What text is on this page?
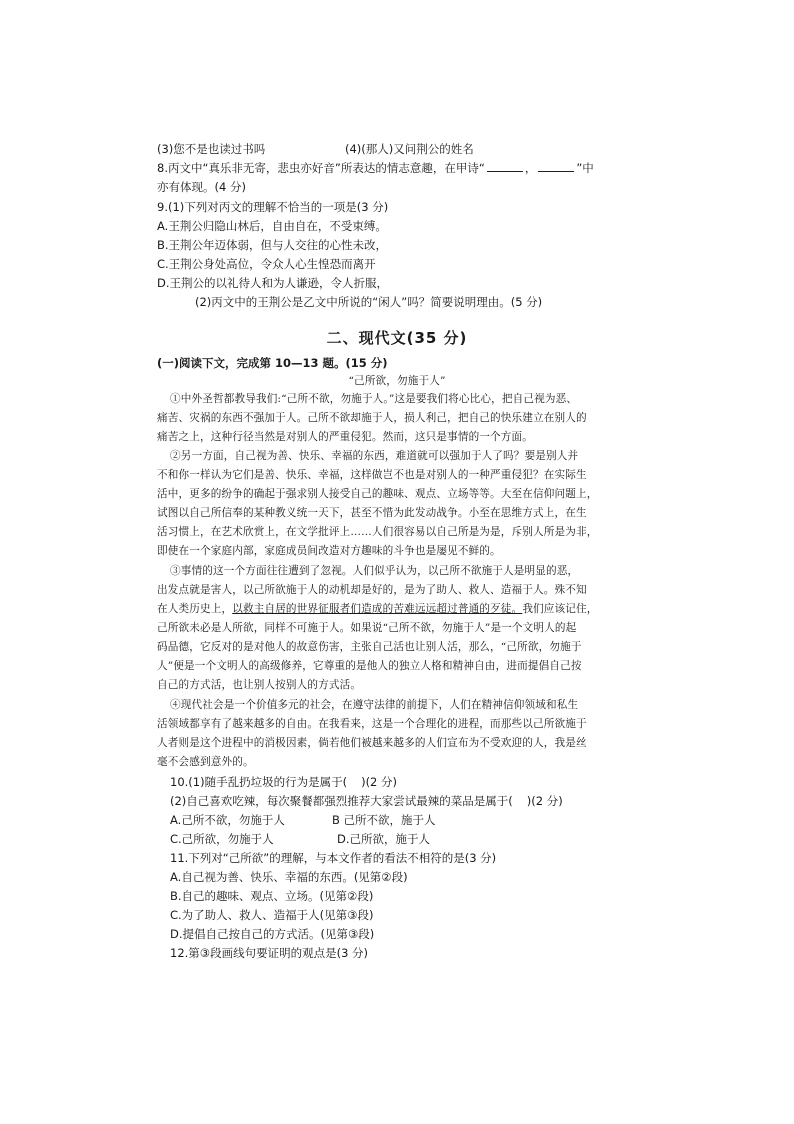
(3)您不是也读过书吗	(4)(那人)又问荆公的姓名
8.丙文中“真乐非无寄，悲虫亦好音”所表达的情志意趣，在甲诗“	，	”中
亦有体现。(4 分)
9.(1)下列对丙文的理解不恰当的一项是(3 分)
A.王荆公归隐山林后，自由自在，不受束缚。
B.王荆公年迈体弱，但与人交往的心性未改，
C.王荆公身处高位，令众人心生惶恐而离开
D.王荆公的以礼待人和为人谦逊，令人折服，
(2)丙文中的王荆公是乙文中所说的“闲人”吗？简要说明理由。(5 分)
二、现代文(35 分)
(一)阅读下文，完成第 10—13 题。(15 分)
“己所欲，勿施于人”
①中外圣哲都教导我们:“己所不欲，勿施于人。”这是要我们将心比心，把自己视为恶、
痛苦、灾祸的东西不强加于人。己所不欲却施于人，损人利己，把自己的快乐建立在别人的
痛苦之上，这种行径当然是对别人的严重侵犯。然而，这只是事情的一个方面。
②另一方面，自己视为善、快乐、幸福的东西，难道就可以强加于人了吗？要是别人并
不和你一样认为它们是善、快乐、幸福，这样做岂不也是对别人的一种严重侵犯？在实际生
活中，更多的纷争的确起于强求别人接受自己的趣味、观点、立场等等。大至在信仰问题上，
试图以自己所信奉的某种教义统一天下，甚至不惜为此发动战争。小至在思维方式上，在生
活习惯上，在艺术欣赏上，在文学批评上……人们很容易以自己所是为是，斥别人所是为非，
即使在一个家庭内部，家庭成员间改造对方趣味的斗争也是屡见不鲜的。
③事情的这一个方面往往遭到了忽视。人们似乎认为，以己所不欲施于人是明显的恶，
出发点就是害人，以己所欲施于人的动机却是好的，是为了助人、救人、造福于人。殊不知
在人类历史上，以救主自居的世界征服者们造成的苦难远远超过普通的歹徒。我们应该记住，
己所欲未必是人所欲，同样不可施于人。如果说“己所不欲，勿施于人”是一个文明人的起
码品德，它反对的是对他人的故意伤害，主张自己活也让别人活，那么，“己所欲，勿施于
人”便是一个文明人的高级修养，它尊重的是他人的独立人格和精神自由，进而提倡自己按
自己的方式活，也让别人按别人的方式活。
④现代社会是一个价值多元的社会，在遵守法律的前提下，人们在精神信仰领域和私生
活领域都享有了越来越多的自由。在我看来，这是一个合理化的进程，而那些以己所欲施于
人者则是这个进程中的消极因素，倘若他们被越来越多的人们宣布为不受欢迎的人，我是丝
毫不会感到意外的。
10.(1)随手乱扔垃圾的行为是属于( )(2 分)
(2)自己喜欢吃辣，每次聚餐都强烈推荐大家尝试最辣的菜品是属于( )(2 分)
A.己所不欲，勿施于人	B 己所不欲，施于人
C.己所欲，勿施于人	D.己所欲，施于人
11.下列对“己所欲”的理解，与本文作者的看法不相符的是(3 分)
A.自己视为善、快乐、幸福的东西。(见第②段)
B.自己的趣味、观点、立场。(见第②段)
C.为了助人、救人、造福于人(见第③段)
D.提倡自己按自己的方式活。(见第③段)
12.第③段画线句要证明的观点是(3 分)
